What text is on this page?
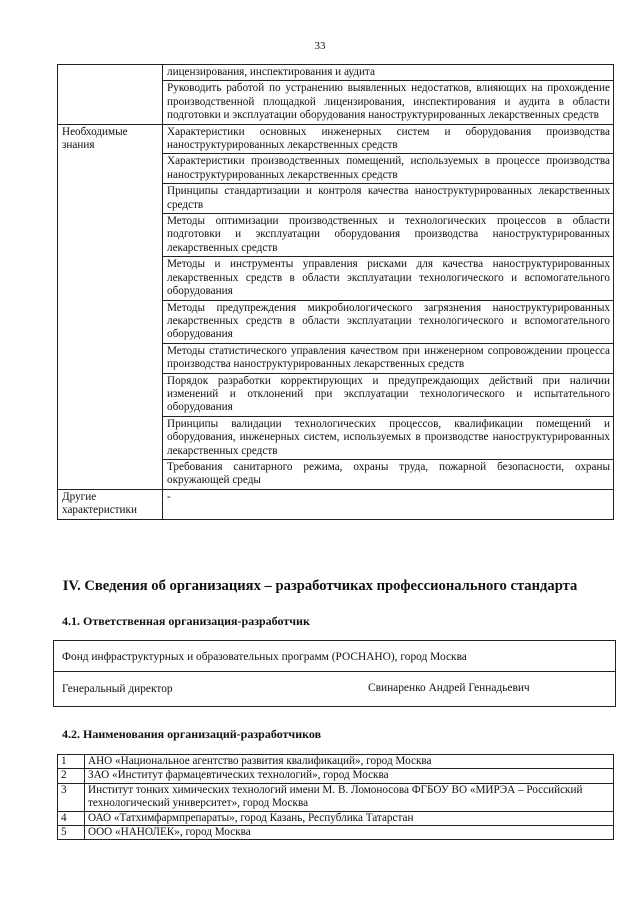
33
	лицензирования, инспектирования и аудита
	Руководить работой по устранению выявленных недостатков, влияющих на прохождение производственной площадкой лицензирования, инспектирования и аудита в области подготовки и эксплуатации оборудования наноструктурированных лекарственных средств
Необходимые знания	Характеристики основных инженерных систем и оборудования производства наноструктурированных лекарственных средств
	Характеристики производственных помещений, используемых в процессе производства наноструктурированных лекарственных средств
	Принципы стандартизации и контроля качества наноструктурированных лекарственных средств
	Методы оптимизации производственных и технологических процессов в области подготовки и эксплуатации оборудования производства наноструктурированных лекарственных средств
	Методы и инструменты управления рисками для качества наноструктурированных лекарственных средств в области эксплуатации технологического и вспомогательного оборудования
	Методы предупреждения микробиологического загрязнения наноструктурированных лекарственных средств в области эксплуатации технологического и вспомогательного оборудования
	Методы статистического управления качеством при инженерном сопровождении процесса производства наноструктурированных лекарственных средств
	Порядок разработки корректирующих и предупреждающих действий при наличии изменений и отклонений при эксплуатации технологического и испытательного оборудования
	Принципы валидации технологических процессов, квалификации помещений и оборудования, инженерных систем, используемых в производстве наноструктурированных лекарственных средств
	Требования санитарного режима, охраны труда, пожарной безопасности, охраны окружающей среды
Другие характеристики	-
IV. Сведения об организациях – разработчиках профессионального стандарта
4.1. Ответственная организация-разработчик
Фонд инфраструктурных и образовательных программ (РОСНАНО), город Москва
Генеральный директор	Свинаренко Андрей Геннадьевич
4.2. Наименования организаций-разработчиков
1	АНО «Национальное агентство развития квалификаций», город Москва
2	ЗАО «Институт фармацевтических технологий», город Москва
3	Институт тонких химических технологий имени М. В. Ломоносова ФГБОУ ВО «МИРЭА – Российский технологический университет», город Москва
4	ОАО «Татхимфармпрепараты», город Казань, Республика Татарстан
5	ООО «НАНОЛЕК», город Москва
